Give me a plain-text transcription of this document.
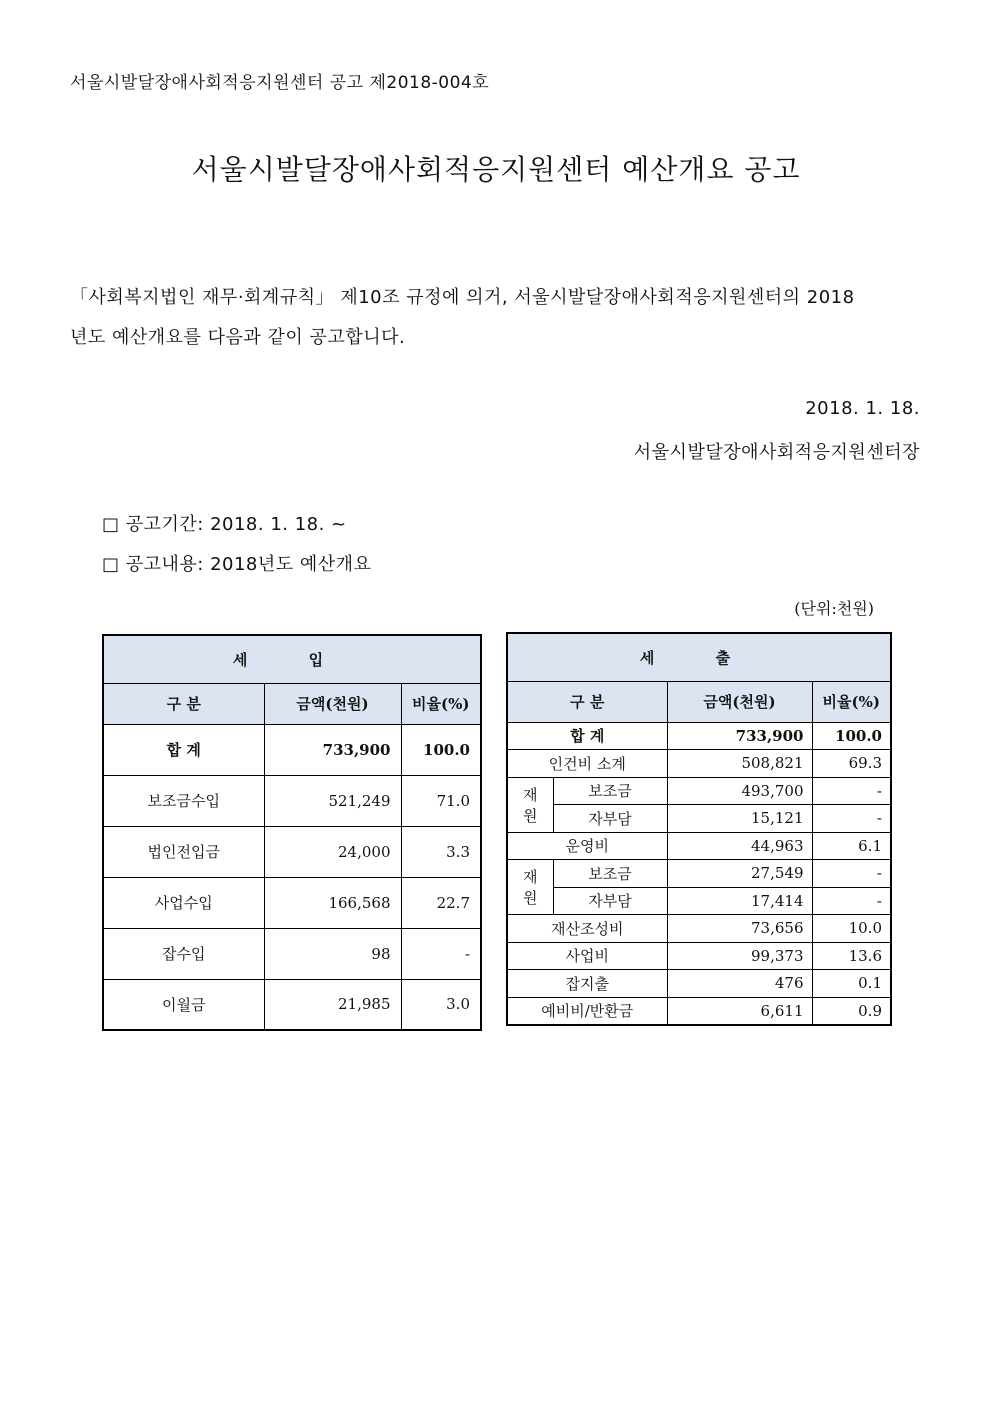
서울시발달장애사회적응지원센터 공고 제2018-004호
서울시발달장애사회적응지원센터 예산개요 공고

「사회복지법인 재무·회계규칙」 제10조 규정에 의거, 서울시발달장애사회적응지원센터의 2018

년도 예산개요를 다음과 같이 공고합니다.

2018. 1. 18.
서울시발달장애사회적응지원센터장
□ 공고기간: 2018. 1. 18. ~
□ 공고내용: 2018년도 예산개요
(단위:천원)
세 입		
구 분	금액(천원)	비율(%)
합 계	733,900	100.0
보조금수입	521,249	71.0
법인전입금	24,000	3.3
사업수입	166,568	22.7
잡수입	98	-
이월금	21,985	3.0
세 출			
구 분		금액(천원)	비율(%)
합 계		733,900	100.0
인건비 소계		508,821	69.3
재원	보조금	493,700	-
	자부담	15,121	-
운영비		44,963	6.1
재원	보조금	27,549	-
	자부담	17,414	-
재산조성비		73,656	10.0
사업비		99,373	13.6
잡지출		476	0.1
예비비/반환금		6,611	0.9
